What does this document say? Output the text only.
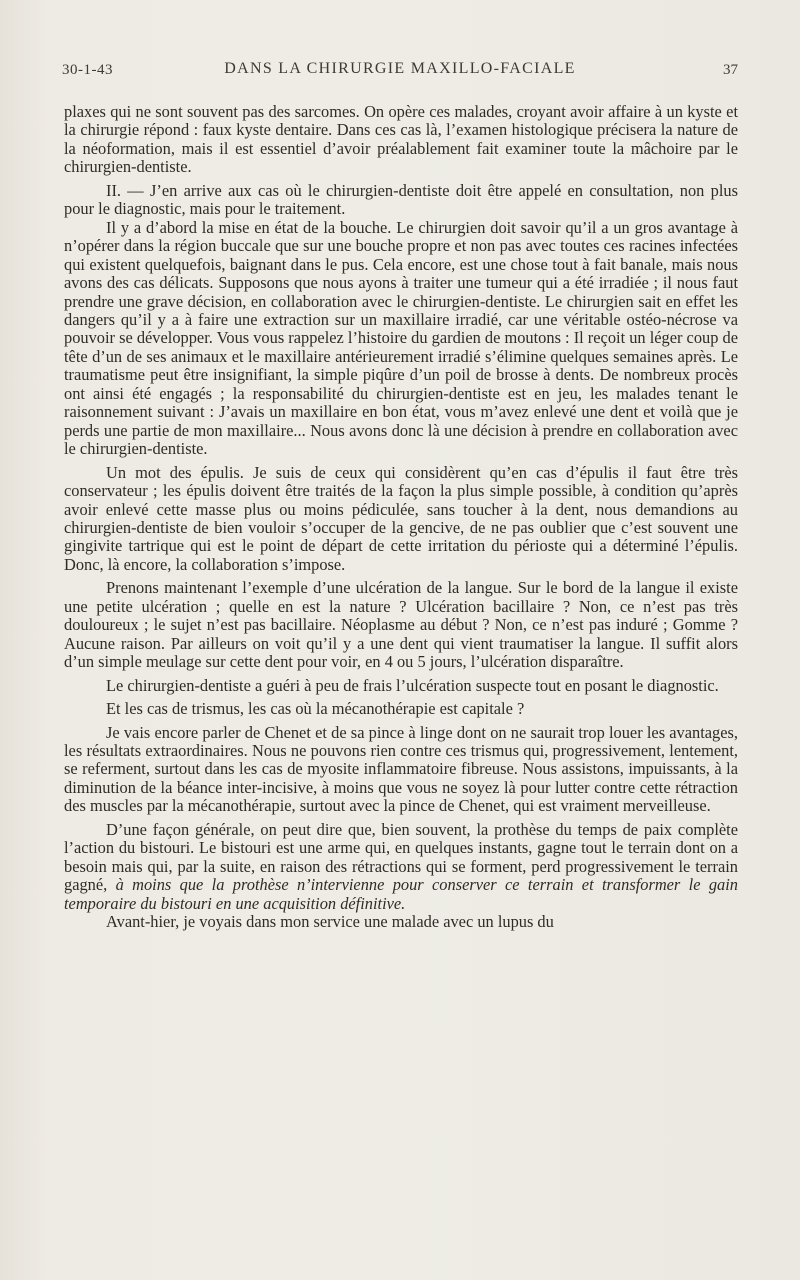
30-1-43	DANS LA CHIRURGIE MAXILLO-FACIALE	37

plaxes qui ne sont souvent pas des sarcomes. On opère ces malades, croyant avoir affaire à un kyste et la chirurgie répond : faux kyste dentaire. Dans ces cas là, l’examen histologique précisera la nature de la néoformation, mais il est essentiel d’avoir préalablement fait examiner toute la mâchoire par le chirurgien-dentiste.

II. — J’en arrive aux cas où le chirurgien-dentiste doit être appelé en consultation, non plus pour le diagnostic, mais pour le traitement.

Il y a d’abord la mise en état de la bouche. Le chirurgien doit savoir qu’il a un gros avantage à n’opérer dans la région buccale que sur une bouche propre et non pas avec toutes ces racines infectées qui existent quelquefois, baignant dans le pus. Cela encore, est une chose tout à fait banale, mais nous avons des cas délicats. Supposons que nous ayons à traiter une tumeur qui a été irradiée ; il nous faut prendre une grave décision, en collaboration avec le chirurgien-dentiste. Le chirurgien sait en effet les dangers qu’il y a à faire une extraction sur un maxillaire irradié, car une véritable ostéo-nécrose va pouvoir se développer. Vous vous rappelez l’histoire du gardien de moutons : Il reçoit un léger coup de tête d’un de ses animaux et le maxillaire antérieurement irradié s’élimine quelques semaines après. Le traumatisme peut être insignifiant, la simple piqûre d’un poil de brosse à dents. De nombreux procès ont ainsi été engagés ; la responsabilité du chirurgien-dentiste est en jeu, les malades tenant le raisonnement suivant : J’avais un maxillaire en bon état, vous m’avez enlevé une dent et voilà que je perds une partie de mon maxillaire... Nous avons donc là une décision à prendre en collaboration avec le chirurgien-dentiste.

Un mot des épulis. Je suis de ceux qui considèrent qu’en cas d’épulis il faut être très conservateur ; les épulis doivent être traités de la façon la plus simple possible, à condition qu’après avoir enlevé cette masse plus ou moins pédiculée, sans toucher à la dent, nous demandions au chirurgien-dentiste de bien vouloir s’occuper de la gencive, de ne pas oublier que c’est souvent une gingivite tartrique qui est le point de départ de cette irritation du périoste qui a déterminé l’épulis. Donc, là encore, la collaboration s’impose.

Prenons maintenant l’exemple d’une ulcération de la langue. Sur le bord de la langue il existe une petite ulcération ; quelle en est la nature ? Ulcération bacillaire ? Non, ce n’est pas très douloureux ; le sujet n’est pas bacillaire. Néoplasme au début ? Non, ce n’est pas induré ; Gomme ? Aucune raison. Par ailleurs on voit qu’il y a une dent qui vient traumatiser la langue. Il suffit alors d’un simple meulage sur cette dent pour voir, en 4 ou 5 jours, l’ulcération disparaître.

Le chirurgien-dentiste a guéri à peu de frais l’ulcération suspecte tout en posant le diagnostic.

Et les cas de trismus, les cas où la mécanothérapie est capitale ?

Je vais encore parler de Chenet et de sa pince à linge dont on ne saurait trop louer les avantages, les résultats extraordinaires. Nous ne pouvons rien contre ces trismus qui, progressivement, lentement, se referment, surtout dans les cas de myosite inflammatoire fibreuse. Nous assistons, impuissants, à la diminution de la béance inter-incisive, à moins que vous ne soyez là pour lutter contre cette rétraction des muscles par la mécanothérapie, surtout avec la pince de Chenet, qui est vraiment merveilleuse.

D’une façon générale, on peut dire que, bien souvent, la prothèse du temps de paix complète l’action du bistouri. Le bistouri est une arme qui, en quelques instants, gagne tout le terrain dont on a besoin mais qui, par la suite, en raison des rétractions qui se forment, perd progressivement le terrain gagné, à moins que la prothèse n’intervienne pour conserver ce terrain et transformer le gain temporaire du bistouri en une acquisition définitive.

Avant-hier, je voyais dans mon service une malade avec un lupus du
